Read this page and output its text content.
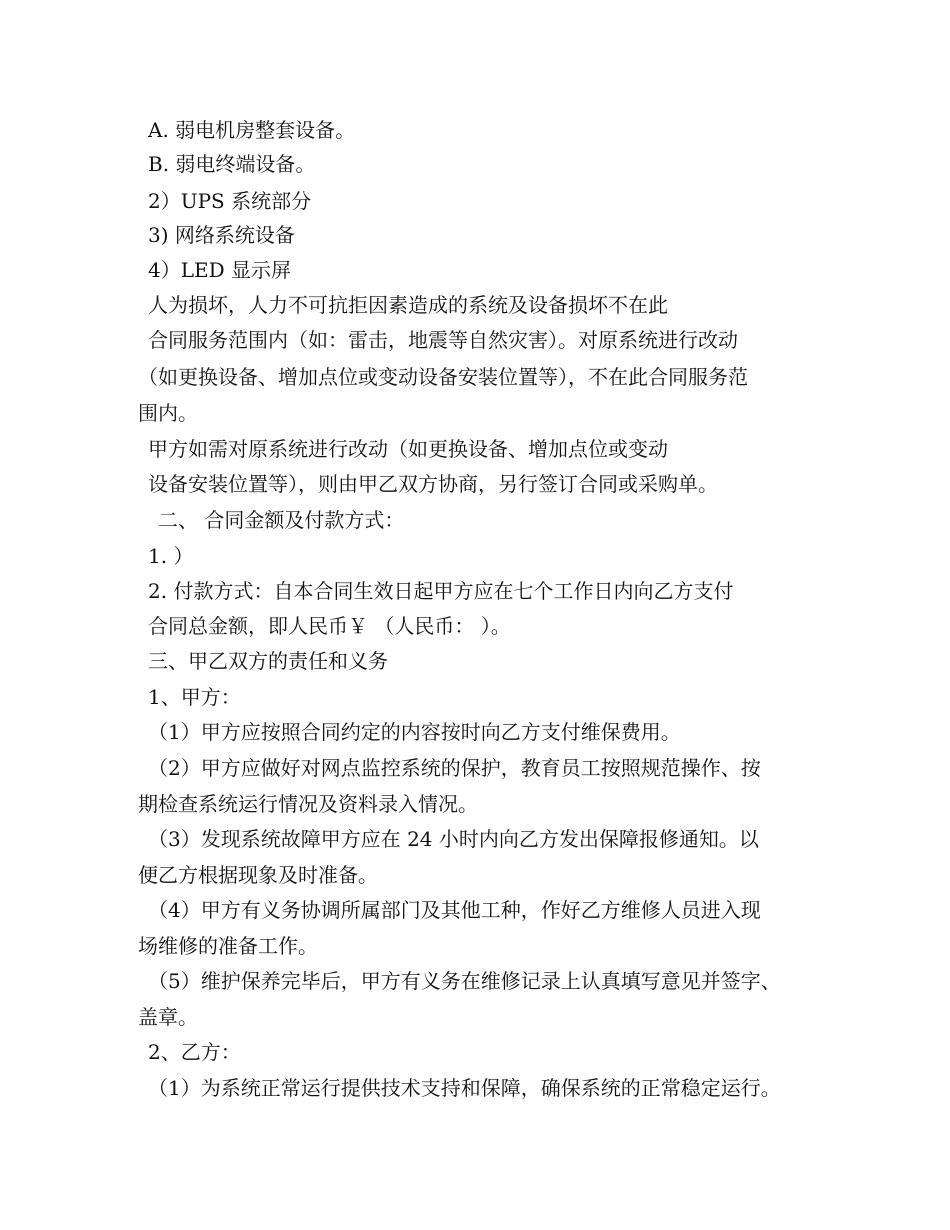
A. 弱电机房整套设备。
B. 弱电终端设备。
2）UPS 系统部分
3) 网络系统设备
4）LED 显示屏
人为损坏，人力不可抗拒因素造成的系统及设备损坏不在此
合同服务范围内（如：雷击，地震等自然灾害）。对原系统进行改动
（如更换设备、增加点位或变动设备安装位置等），不在此合同服务范
围内。
甲方如需对原系统进行改动（如更换设备、增加点位或变动
设备安装位置等），则由甲乙双方协商，另行签订合同或采购单。
二、 合同金额及付款方式：
1. ）
2. 付款方式：自本合同生效日起甲方应在七个工作日内向乙方支付
合同总金额，即人民币￥ （人民币： ）。
三、甲乙双方的责任和义务
1、甲方：
（1）甲方应按照合同约定的内容按时向乙方支付维保费用。
（2）甲方应做好对网点监控系统的保护，教育员工按照规范操作、按
期检查系统运行情况及资料录入情况。
（3）发现系统故障甲方应在 24 小时内向乙方发出保障报修通知。以
便乙方根据现象及时准备。
（4）甲方有义务协调所属部门及其他工种，作好乙方维修人员进入现
场维修的准备工作。
（5）维护保养完毕后，甲方有义务在维修记录上认真填写意见并签字、
盖章。
2、乙方：
（1）为系统正常运行提供技术支持和保障，确保系统的正常稳定运行。
